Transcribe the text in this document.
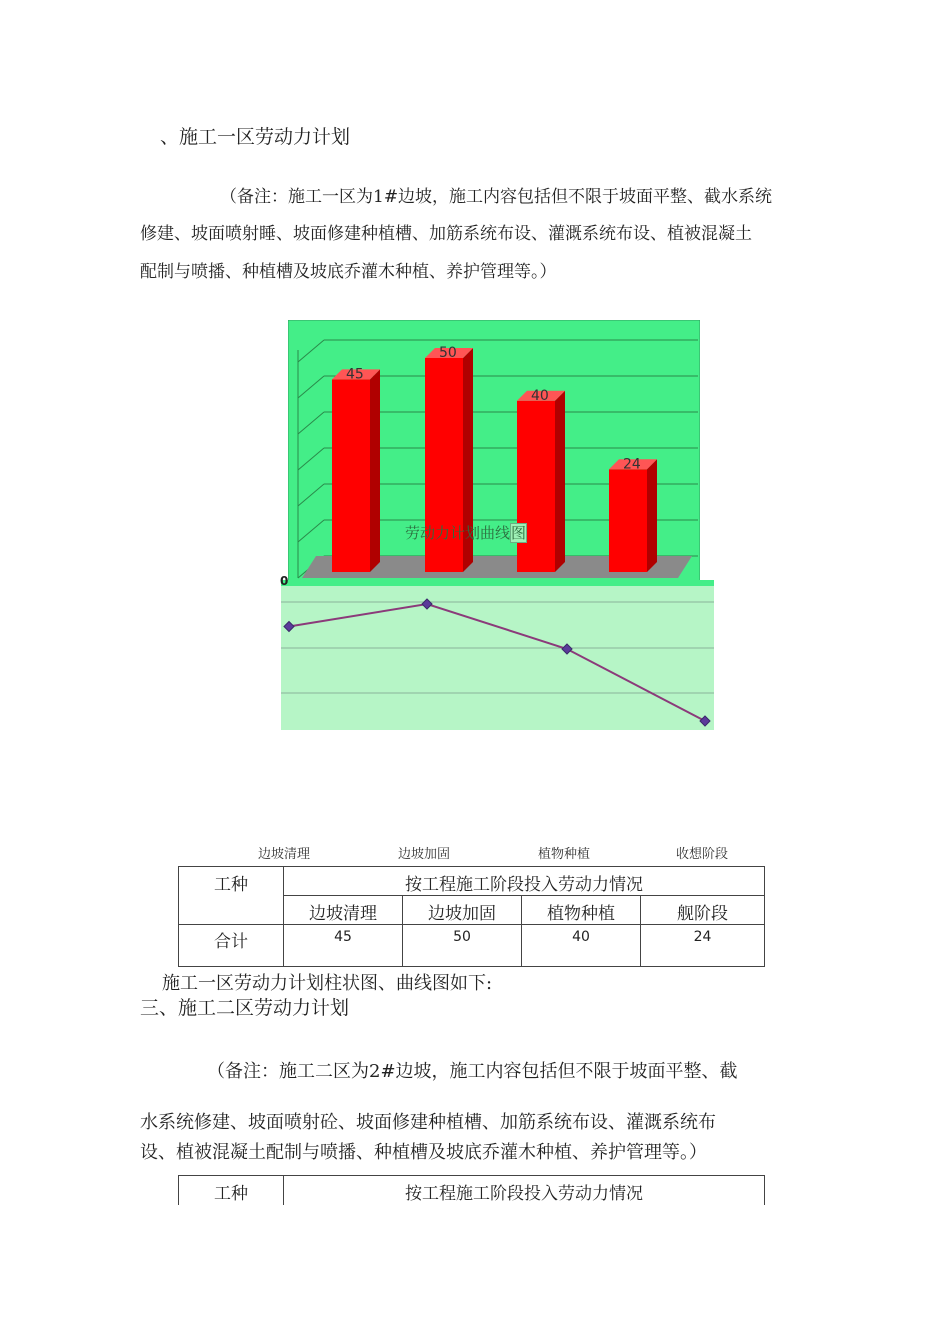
、施工一区劳动力计划
（备注：施工一区为1#边坡，施工内容包括但不限于坡面平整、截水系统
修建、坡面喷射睡、坡面修建种植槽、加筋系统布设、灌溉系统布设、植被混凝土
配制与喷播、种植槽及坡底乔灌木种植、养护管理等。）
45
50
40
24
0
劳动力计划曲线图
边坡清理	边坡加固	植物种植	收想阶段
工种	按工程施工阶段投入劳动力情况			
	边坡清理	边坡加固	植物种植	舰阶段
合计	45	50	40	24
施工一区劳动力计划柱状图、曲线图如下:
三、施工二区劳动力计划
（备注：施工二区为2#边坡，施工内容包括但不限于坡面平整、截
水系统修建、坡面喷射砼、坡面修建种植槽、加筋系统布设、灌溉系统布
设、植被混凝土配制与喷播、种植槽及坡底乔灌木种植、养护管理等。）
工种	按工程施工阶段投入劳动力情况
